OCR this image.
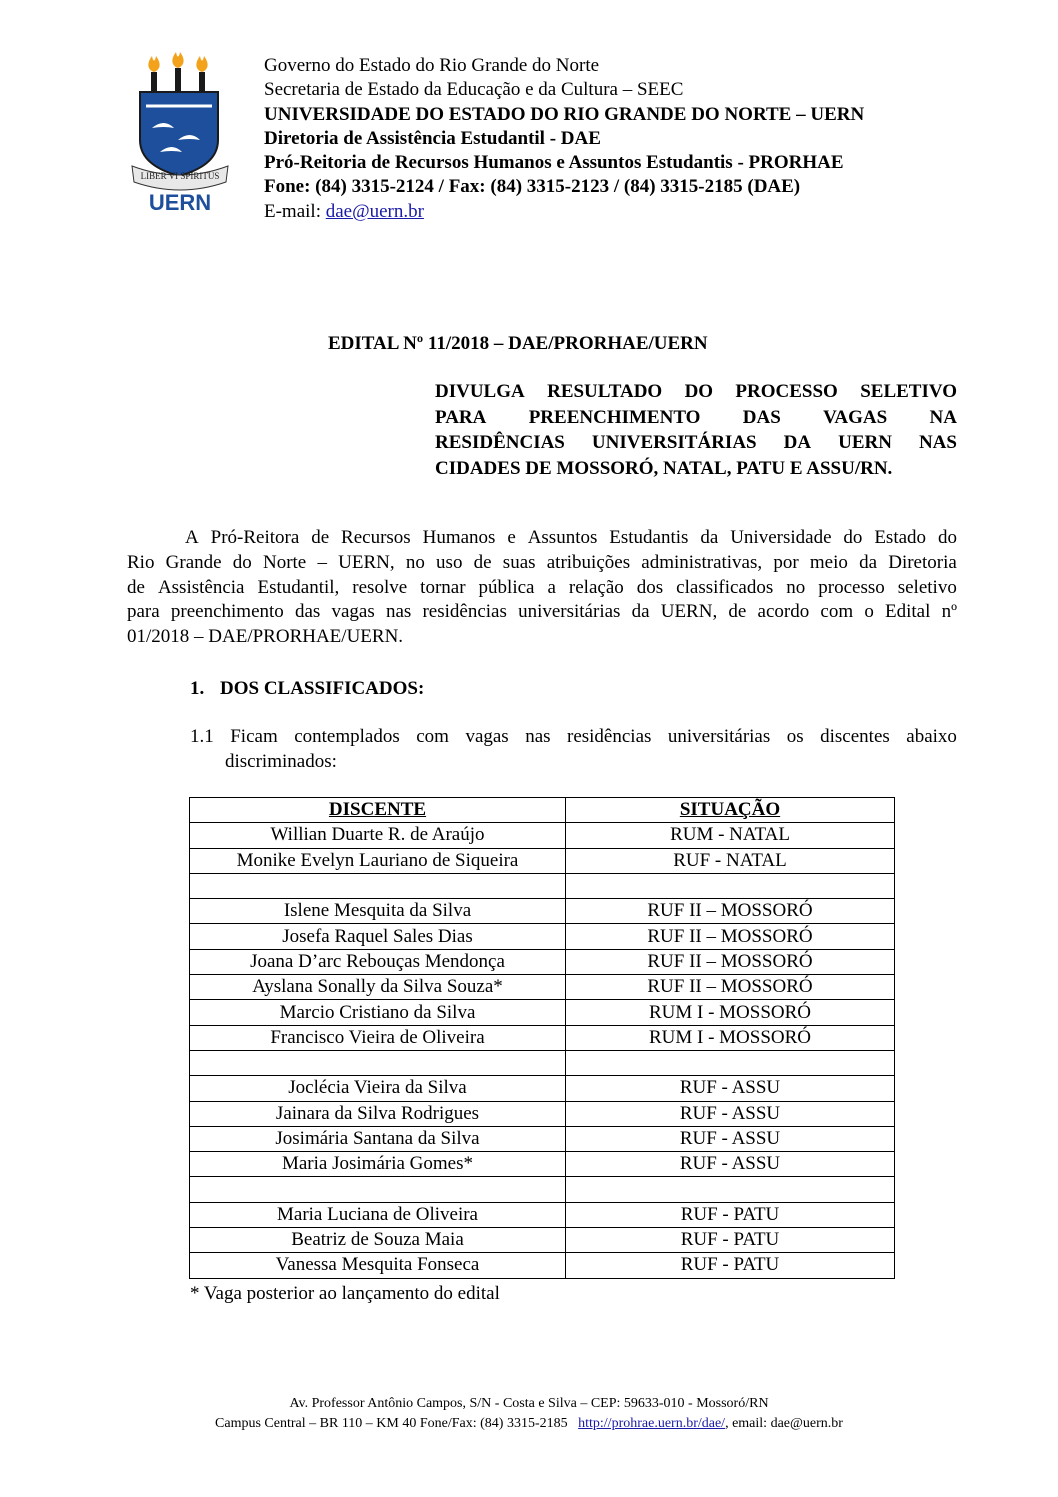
LIBER VI SPIRITUS
UERN
Governo do Estado do Rio Grande do Norte
Secretaria de Estado da Educação e da Cultura – SEEC
UNIVERSIDADE DO ESTADO DO RIO GRANDE DO NORTE – UERN
Diretoria de Assistência Estudantil - DAE
Pró-Reitoria de Recursos Humanos e Assuntos Estudantis - PRORHAE
Fone: (84) 3315-2124 / Fax: (84) 3315-2123 / (84) 3315-2185 (DAE)
E-mail: dae@uern.br
EDITAL Nº 11/2018 – DAE/PRORHAE/UERN
DIVULGA RESULTADO DO PROCESSO SELETIVO
PARA PREENCHIMENTO DAS VAGAS NA
RESIDÊNCIAS UNIVERSITÁRIAS DA UERN NAS
CIDADES DE MOSSORÓ, NATAL, PATU E ASSU/RN.
A Pró-Reitora de Recursos Humanos e Assuntos Estudantis da Universidade do Estado do
Rio Grande do Norte – UERN, no uso de suas atribuições administrativas, por meio da Diretoria
de Assistência Estudantil, resolve tornar pública a relação dos classificados no processo seletivo
para preenchimento das vagas nas residências universitárias da UERN, de acordo com o Edital nº
01/2018 – DAE/PRORHAE/UERN.
1. DOS CLASSIFICADOS:
1.1 Ficam contemplados com vagas nas residências universitárias os discentes abaixo
discriminados:
DISCENTE	SITUAÇÃO
Willian Duarte R. de Araújo	RUM - NATAL
Monike Evelyn Lauriano de Siqueira	RUF - NATAL

Islene Mesquita da Silva	RUF II – MOSSORÓ
Josefa Raquel Sales Dias	RUF II – MOSSORÓ
Joana D’arc Rebouças Mendonça	RUF II – MOSSORÓ
Ayslana Sonally da Silva Souza*	RUF II – MOSSORÓ
Marcio Cristiano da Silva	RUM I - MOSSORÓ
Francisco Vieira de Oliveira	RUM I - MOSSORÓ

Joclécia Vieira da Silva	RUF - ASSU
Jainara da Silva Rodrigues	RUF - ASSU
Josimária Santana da Silva	RUF - ASSU
Maria Josimária Gomes*	RUF - ASSU

Maria Luciana de Oliveira	RUF - PATU
Beatriz de Souza Maia	RUF - PATU
Vanessa Mesquita Fonseca	RUF - PATU
* Vaga posterior ao lançamento do edital
Av. Professor Antônio Campos, S/N - Costa e Silva – CEP: 59633-010 - Mossoró/RN
Campus Central – BR 110 – KM 40 Fone/Fax: (84) 3315-2185 http://prohrae.uern.br/dae/, email: dae@uern.br
